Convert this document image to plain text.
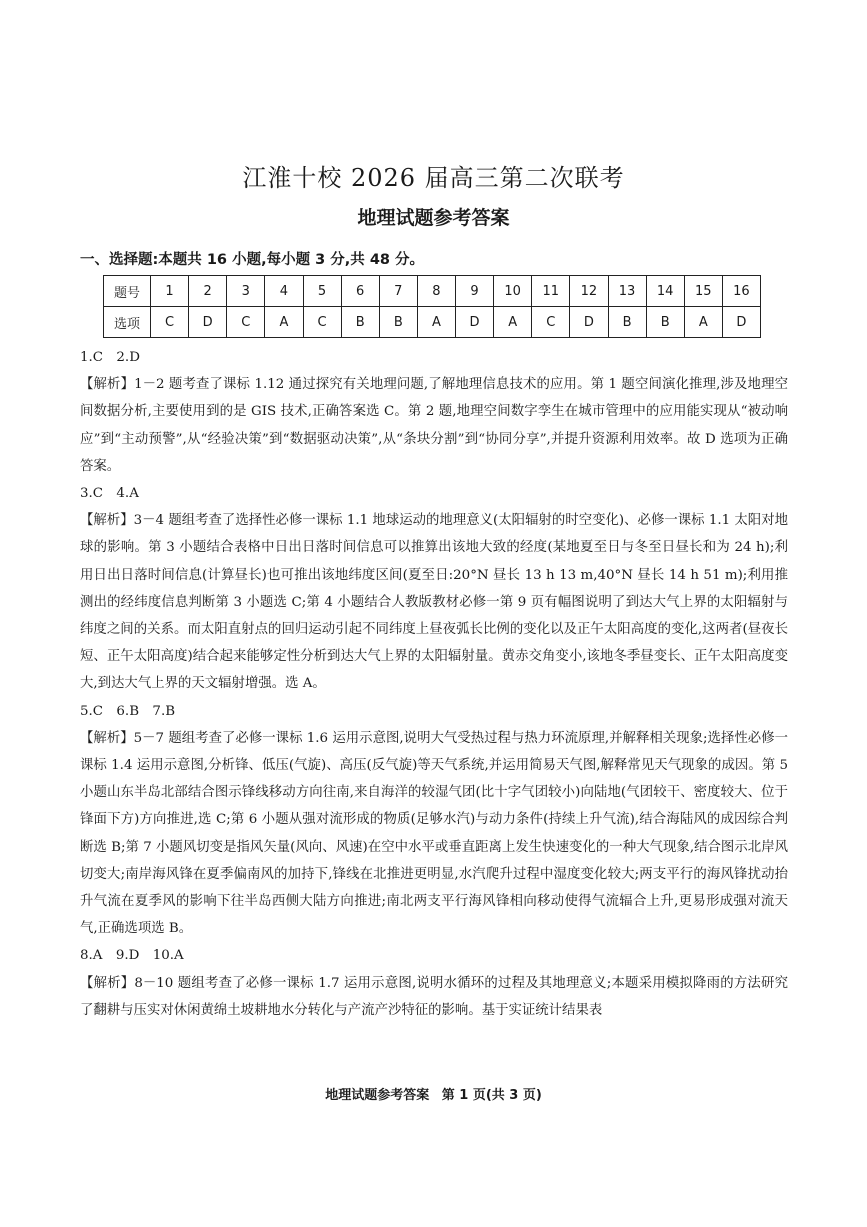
江淮十校 2026 届高三第二次联考
地理试题参考答案
一、选择题:本题共 16 小题,每小题 3 分,共 48 分。
题号	1	2	3	4	5	6	7	8	9	10	11	12	13	14	15	16
选项	C	D	C	A	C	B	B	A	D	A	C	D	B	B	A	D

1.C　2.D

【解析】1－2 题考查了课标 1.12 通过探究有关地理问题,了解地理信息技术的应用。第 1 题空间演化推理,涉及地理空间数据分析,主要使用到的是 GIS 技术,正确答案选 C。第 2 题,地理空间数字孪生在城市管理中的应用能实现从“被动响应”到“主动预警”,从“经验决策”到“数据驱动决策”,从“条块分割”到“协同分享”,并提升资源利用效率。故 D 选项为正确答案。

3.C　4.A

【解析】3－4 题组考查了选择性必修一课标 1.1 地球运动的地理意义(太阳辐射的时空变化)、必修一课标 1.1 太阳对地球的影响。第 3 小题结合表格中日出日落时间信息可以推算出该地大致的经度(某地夏至日与冬至日昼长和为 24 h);利用日出日落时间信息(计算昼长)也可推出该地纬度区间(夏至日:20°N 昼长 13 h 13 m,40°N 昼长 14 h 51 m);利用推测出的经纬度信息判断第 3 小题选 C;第 4 小题结合人教版教材必修一第 9 页有幅图说明了到达大气上界的太阳辐射与纬度之间的关系。而太阳直射点的回归运动引起不同纬度上昼夜弧长比例的变化以及正午太阳高度的变化,这两者(昼夜长短、正午太阳高度)结合起来能够定性分析到达大气上界的太阳辐射量。黄赤交角变小,该地冬季昼变长、正午太阳高度变大,到达大气上界的天文辐射增强。选 A。

5.C　6.B　7.B

【解析】5－7 题组考查了必修一课标 1.6 运用示意图,说明大气受热过程与热力环流原理,并解释相关现象;选择性必修一课标 1.4 运用示意图,分析锋、低压(气旋)、高压(反气旋)等天气系统,并运用简易天气图,解释常见天气现象的成因。第 5 小题山东半岛北部结合图示锋线移动方向往南,来自海洋的较湿气团(比十字气团较小)向陆地(气团较干、密度较大、位于锋面下方)方向推进,选 C;第 6 小题从强对流形成的物质(足够水汽)与动力条件(持续上升气流),结合海陆风的成因综合判断选 B;第 7 小题风切变是指风矢量(风向、风速)在空中水平或垂直距离上发生快速变化的一种大气现象,结合图示北岸风切变大;南岸海风锋在夏季偏南风的加持下,锋线在北推进更明显,水汽爬升过程中湿度变化较大;两支平行的海风锋扰动抬升气流在夏季风的影响下往半岛西侧大陆方向推进;南北两支平行海风锋相向移动使得气流辐合上升,更易形成强对流天气,正确选项选 B。

8.A　9.D　10.A

【解析】8－10 题组考查了必修一课标 1.7 运用示意图,说明水循环的过程及其地理意义;本题采用模拟降雨的方法研究了翻耕与压实对休闲黄绵土坡耕地水分转化与产流产沙特征的影响。基于实证统计结果表

地理试题参考答案 第 1 页(共 3 页)
